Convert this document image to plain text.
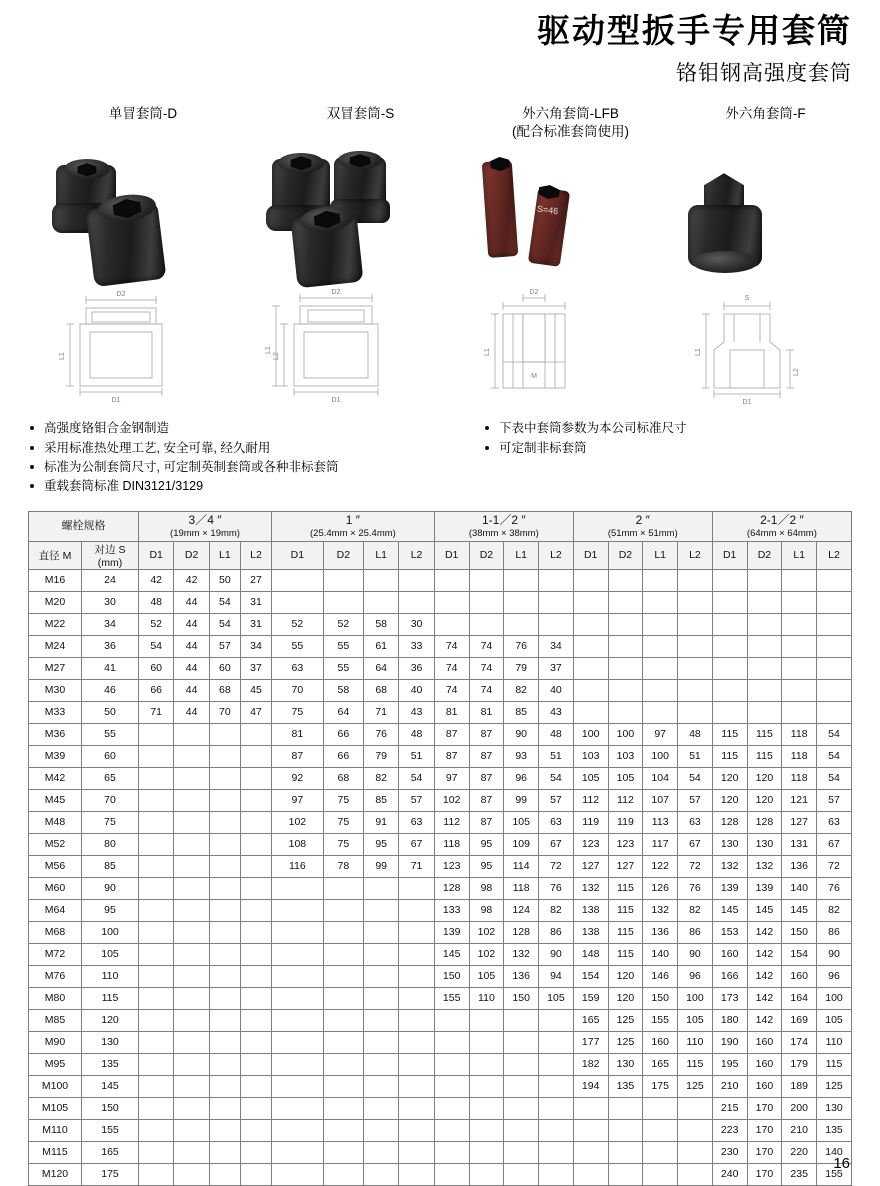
驱动型扳手专用套筒
铬钼钢高强度套筒
单冒套筒-D
L1
D1
D2
双冒套筒-S
L2
L1
D1
D2
外六角套筒-LFB
(配合标准套筒使用)
S=46
L1
D2
M
外六角套筒-F
L1
L2
D1
S
高强度铬钼合金钢制造
采用标准热处理工艺, 安全可靠, 经久耐用
标准为公制套筒尺寸, 可定制英制套筒或各种非标套筒
重载套筒标准 DIN3121/3129
下表中套筒参数为本公司标准尺寸
可定制非标套筒
螺栓规格	3／4 ″
(19mm × 19mm)

1 ″
(25.4mm × 25.4mm)

1-1／2 ″
(38mm × 38mm)

2 ″
(51mm × 51mm)

2-1／2 ″
(64mm × 64mm)

直径 M	对边 S (mm)	D1	D2	L1	L2	D1	D2	L1	L2	D1	D2	L1	L2	D1	D2	L1	L2	D1	D2	L1	L2
M16	24	42	42	50	27																
M20	30	48	44	54	31																
M22	34	52	44	54	31	52	52	58	30												
M24	36	54	44	57	34	55	55	61	33	74	74	76	34								
M27	41	60	44	60	37	63	55	64	36	74	74	79	37								
M30	46	66	44	68	45	70	58	68	40	74	74	82	40								
M33	50	71	44	70	47	75	64	71	43	81	81	85	43								
M36	55					81	66	76	48	87	87	90	48	100	100	97	48	115	115	118	54
M39	60					87	66	79	51	87	87	93	51	103	103	100	51	115	115	118	54
M42	65					92	68	82	54	97	87	96	54	105	105	104	54	120	120	118	54
M45	70					97	75	85	57	102	87	99	57	112	112	107	57	120	120	121	57
M48	75					102	75	91	63	112	87	105	63	119	119	113	63	128	128	127	63
M52	80					108	75	95	67	118	95	109	67	123	123	117	67	130	130	131	67
M56	85					116	78	99	71	123	95	114	72	127	127	122	72	132	132	136	72
M60	90									128	98	118	76	132	115	126	76	139	139	140	76
M64	95									133	98	124	82	138	115	132	82	145	145	145	82
M68	100									139	102	128	86	138	115	136	86	153	142	150	86
M72	105									145	102	132	90	148	115	140	90	160	142	154	90
M76	110									150	105	136	94	154	120	146	96	166	142	160	96
M80	115									155	110	150	105	159	120	150	100	173	142	164	100
M85	120													165	125	155	105	180	142	169	105
M90	130													177	125	160	110	190	160	174	110
M95	135													182	130	165	115	195	160	179	115
M100	145													194	135	175	125	210	160	189	125
M105	150																	215	170	200	130
M110	155																	223	170	210	135
M115	165																	230	170	220	140
M120	175																	240	170	235	155
16
